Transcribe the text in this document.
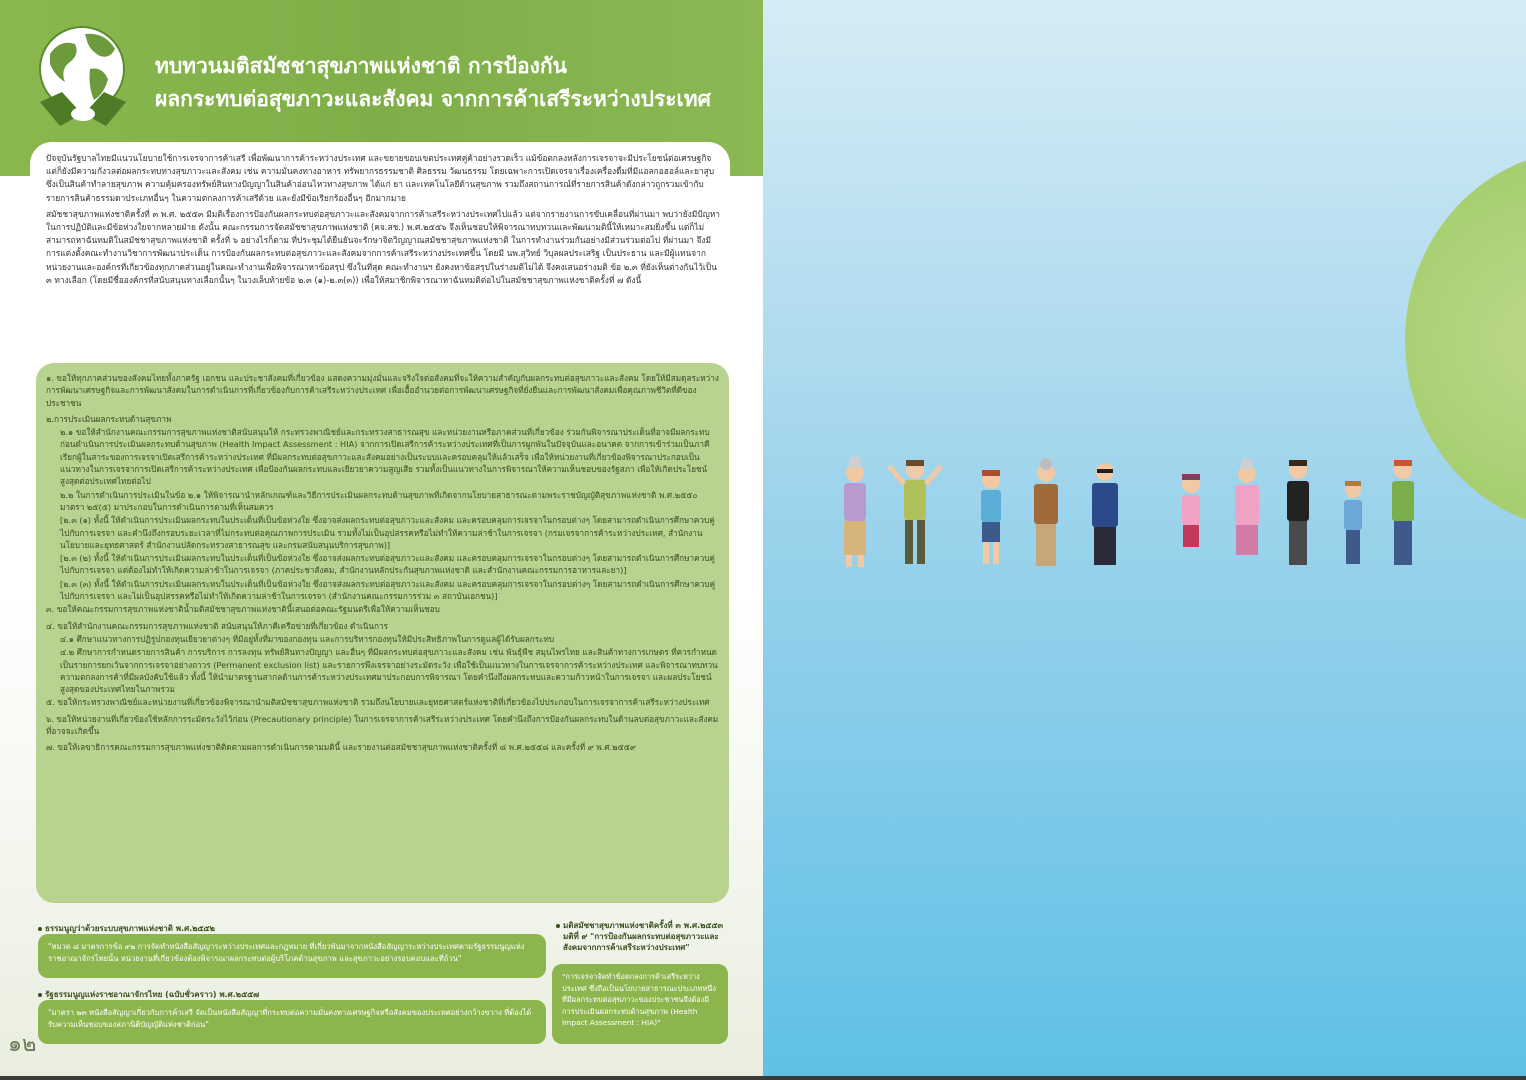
ทบทวนมติสมัชชาสุขภาพแห่งชาติ การป้องกัน
ผลกระทบต่อสุขภาวะและสังคม จากการค้าเสรีระหว่างประเทศ

ปัจจุบันรัฐบาลไทยมีแนวนโยบายใช้การเจรจาการค้าเสรี เพื่อพัฒนาการค้าระหว่างประเทศ และขยายขอบเขตประเทศคู่ค้าอย่างรวดเร็ว แม้ข้อตกลงหลังการเจรจาจะมีประโยชน์ต่อเศรษฐกิจ แต่ก็ยังมีความกังวลต่อผลกระทบทางสุขภาวะและสังคม เช่น ความมั่นคงทางอาหาร ทรัพยากรธรรมชาติ ศิลธรรม วัฒนธรรม โดยเฉพาะการเปิดเจรจาเรื่องเครื่องดื่มที่มีแอลกอฮอล์และยาสูบ ซึ่งเป็นสินค้าทำลายสุขภาพ ความคุ้มครองทรัพย์สินทางปัญญาในสินค้าอ่อนไหวทางสุขภาพ ได้แก่ ยา และเทคโนโลยีด้านสุขภาพ รวมถึงสถานการณ์ที่รายการสินค้าดังกล่าวถูกรวมเข้ากับรายการสินค้าธรรมดาประเภทอื่นๆ ในความตกลงการค้าเสรีด้วย และยังมีข้อเรียกร้องอื่นๆ อีกมากมาย

สมัชชาสุขภาพแห่งชาติครั้งที่ ๓ พ.ศ. ๒๕๕๓ มีมติเรื่องการป้องกันผลกระทบต่อสุขภาวะและสังคมจากการค้าเสรีระหว่างประเทศไปแล้ว แต่จากรายงานการขับเคลื่อนที่ผ่านมา พบว่ายังมีปัญหาในการปฏิบัติและมีข้อห่วงใยจากหลายฝ่าย ดังนั้น คณะกรรมการจัดสมัชชาสุขภาพแห่งชาติ (คจ.สช.) พ.ศ.๒๕๕๖ จึงเห็นชอบให้พิจารณาทบทวนและพัฒนามตินี้ให้เหมาะสมยิ่งขึ้น แต่ก็ไม่สามารถหาฉันทมติในสมัชชาสุขภาพแห่งชาติ ครั้งที่ ๖ อย่างไรก็ตาม ที่ประชุมได้ยืนยันจะรักษาจิตวิญญาณสมัชชาสุขภาพแห่งชาติ ในการทำงานร่วมกันอย่างมีส่วนร่วมต่อไป ที่ผ่านมา จึงมีการแต่งตั้งคณะทำงานวิชาการพัฒนาประเด็น การป้องกันผลกระทบต่อสุขภาวะและสังคมจากการค้าเสรีระหว่างประเทศขึ้น โดยมี นพ.สุวิทย์ วิบุลผลประเสริฐ เป็นประธาน และมีผู้แทนจากหน่วยงานและองค์กรที่เกี่ยวข้องทุกภาคส่วนอยู่ในคณะทำงานเพื่อพิจารณาหาข้อสรุป ซึ่งในที่สุด คณะทำงานฯ ยังคงหาข้อสรุปในร่างมติไม่ได้ จึงคงเสนอร่างมติ ข้อ ๒.๓ ที่ยังเห็นต่างกันไว้เป็น ๓ ทางเลือก (โดยมีชื่อองค์กรที่สนับสนุนทางเลือกนั้นๆ ในวงเล็บท้ายข้อ ๒.๓ (๑)-๒.๓(๓)) เพื่อให้สมาชิกพิจารณาหาฉันทมติต่อไปในสมัชชาสุขภาพแห่งชาติครั้งที่ ๗ ดังนี้

๑. ขอให้ทุกภาคส่วนของสังคมไทยทั้งภาครัฐ เอกชน และประชาสังคมที่เกี่ยวข้อง แสดงความมุ่งมั่นและจริงใจต่อสังคมที่จะให้ความสำคัญกับผลกระทบต่อสุขภาวะและสังคม โดยให้มีสมดุลระหว่างการพัฒนาเศรษฐกิจและการพัฒนาสังคมในการดำเนินการที่เกี่ยวข้องกับการค้าเสรีระหว่างประเทศ เพื่อเอื้ออำนวยต่อการพัฒนาเศรษฐกิจที่ยั่งยืนและการพัฒนาสังคมเพื่อคุณภาพชีวิตที่ดีของประชาชน

๒.การประเมินผลกระทบด้านสุขภาพ

๒.๑ ขอให้สำนักงานคณะกรรมการสุขภาพแห่งชาติสนับสนุนให้ กระทรวงพาณิชย์และกระทรวงสาธารณสุข และหน่วยงานหรือภาคส่วนที่เกี่ยวข้อง ร่วมกันพิจารณาประเด็นที่อาจมีผลกระทบก่อนดำเนินการประเมินผลกระทบด้านสุขภาพ (Health Impact Assessment : HIA) จากการเปิดเสรีการค้าระหว่างประเทศที่เป็นการผูกพันในปัจจุบันและอนาคต จากการเข้าร่วมเป็นภาคีเรียกผู้ในสาระของการเจรจาเปิดเสรีการค้าระหว่างประเทศ ที่มีผลกระทบต่อสุขภาวะและสังคมอย่างเป็นระบบและครอบคลุมให้แล้วเสร็จ เพื่อให้หน่วยงานที่เกี่ยวข้องพิจารณาประกอบเป็นแนวทางในการเจรจาการเปิดเสรีการค้าระหว่างประเทศ เพื่อป้องกันผลกระทบและเยียวยาความสูญเสีย รวมทั้งเป็นแนวทางในการพิจารณาให้ความเห็นชอบของรัฐสภา เพื่อให้เกิดประโยชน์สูงสุดต่อประเทศไทยต่อไป

๒.๒ ในการดำเนินการประเมินในข้อ ๒.๑ ให้พิจารณานำหลักเกณฑ์และวิธีการประเมินผลกระทบด้านสุขภาพที่เกิดจากนโยบายสาธารณะตามพระราชบัญญัติสุขภาพแห่งชาติ พ.ศ.๒๕๕๐ มาตรา ๒๕(๕) มาประกอบในการดำเนินการตามที่เห็นสมควร

[๒.๓ (๑) ทั้งนี้ ให้ดำเนินการประเมินผลกระทบในประเด็นที่เป็นข้อห่วงใย ซึ่งอาจส่งผลกระทบต่อสุขภาวะและสังคม และครอบคลุมการเจรจาในกรอบต่างๆ โดยสามารถดำเนินการศึกษาควบคู่ไปกับการเจรจา และคำนึงถึงกรอบระยะเวลาที่ไม่กระทบต่อคุณภาพการประเมิน รวมทั้งไม่เป็นอุปสรรคหรือไม่ทำให้ความล่าช้าในการเจรจา (กรมเจรจาการค้าระหว่างประเทศ, สำนักงานนโยบายและยุทธศาสตร์ สำนักงานปลัดกระทรวงสาธารณสุข และกรมสนับสนุนบริการสุขภาพ)]

[๒.๓ (๒) ทั้งนี้ ให้ดำเนินการประเมินผลกระทบในประเด็นที่เป็นข้อห่วงใย ซึ่งอาจส่งผลกระทบต่อสุขภาวะและสังคม และครอบคลุมการเจรจาในกรอบต่างๆ โดยสามารถดำเนินการศึกษาควบคู่ไปกับการเจรจา แต่ต้องไม่ทำให้เกิดความล่าช้าในการเจรจา (ภาคประชาสังคม, สำนักงานหลักประกันสุขภาพแห่งชาติ และสำนักงานคณะกรรมการอาหารและยา)]

[๒.๓ (๓) ทั้งนี้ ให้ดำเนินการประเมินผลกระทบในประเด็นที่เป็นข้อห่วงใย ซึ่งอาจส่งผลกระทบต่อสุขภาวะและสังคม และครอบคลุมการเจรจาในกรอบต่างๆ โดยสามารถดำเนินการศึกษาควบคู่ไปกับการเจรจา และไม่เป็นอุปสรรคหรือไม่ทำให้เกิดความล่าช้าในการเจรจา (สำนักงานคณะกรรมการร่วม ๓ สถาบันเอกชน)]

๓. ขอให้คณะกรรมการสุขภาพแห่งชาติน้ำมติสมัชชาสุขภาพแห่งชาตินี้เสนอต่อคณะรัฐมนตรีเพื่อให้ความเห็นชอบ

๔. ขอให้สำนักงานคณะกรรมการสุขภาพแห่งชาติ สนับสนุนให้ภาคีเครือข่ายที่เกี่ยวข้อง ดำเนินการ

๔.๑ ศึกษาแนวทางการปฏิรูปกองทุนเยียวยาต่างๆ ที่มีอยู่ทั้งที่มาของกองทุน และการบริหารกองทุนให้มีประสิทธิภาพในการดูแลผู้ได้รับผลกระทบ

๔.๒ ศึกษาการกำหนดรายการสินค้า การบริการ การลงทุน ทรัพย์สินทางปัญญา และอื่นๆ ที่มีผลกระทบต่อสุขภาวะและสังคม เช่น พันธุ์พืช สมุนไพรไทย และสินค้าทางการเกษตร ที่ควรกำหนดเป็นรายการยกเว้นจากการเจรจาอย่างถาวร (Permanent exclusion list) และรายการพึงเจรจาอย่างระมัดระวัง เพื่อใช้เป็นแนวทางในการเจรจาการค้าระหว่างประเทศ และพิจารณาทบทวนความตกลงการค้าที่มีผลบังคับใช้แล้ว ทั้งนี้ ให้นำมาตรฐานสากลด้านการค้าระหว่างประเทศมาประกอบการพิจารณา โดยคำนึงถึงผลกระทบและความก้าวหน้าในการเจรจา และผลประโยชน์สูงสุดของประเทศไทยในภาพรวม

๕. ขอให้กระทรวงพาณิชย์และหน่วยงานที่เกี่ยวข้องพิจารณานำมติสมัชชาสุขภาพแห่งชาติ รวมถึงนโยบายและยุทธศาสตร์แห่งชาติที่เกี่ยวข้องไปประกอบในการเจรจาการค้าเสรีระหว่างประเทศ

๖. ขอให้หน่วยงานที่เกี่ยวข้องใช้หลักการระมัดระวังไว้ก่อน (Precautionary principle) ในการเจรจาการค้าเสรีระหว่างประเทศ โดยคำนึงถึงการป้องกันผลกระทบในด้านลบต่อสุขภาวะและสังคมที่อาจจะเกิดขึ้น

๗. ขอให้เลขาธิการคณะกรรมการสุขภาพแห่งชาติติดตามผลการดำเนินการตามมตินี้ และรายงานต่อสมัชชาสุขภาพแห่งชาติครั้งที่ ๘ พ.ศ.๒๕๕๘ และครั้งที่ ๙ พ.ศ.๒๕๕๙

ธรรมนูญว่าด้วยระบบสุขภาพแห่งชาติ พ.ศ.๒๕๕๒
"หมวด ๘ มาตรการข้อ ๙๒ การจัดทำหนังสือสัญญาระหว่างประเทศและกฎหมาย ที่เกี่ยวพันมาจากหนังสือสัญญาระหว่างประเทศตามรัฐธรรมนูญแห่งราชอาณาจักรไทยนั้น หน่วยงานที่เกี่ยวข้องต้องพิจารณาผลกระทบต่อผู้บริโภคด้านสุขภาพ และสุขภาวะอย่างรอบคอบและที่ถ้วน"
รัฐธรรมนูญแห่งราชอาณาจักรไทย (ฉบับชั่วคราว) พ.ศ.๒๕๕๗
"มาตรา ๒๓ หนังสือสัญญาเกี่ยวกับการค้าเสรี จัดเป็นหนังสือสัญญาที่กระทบต่อความมั่นคงทางเศรษฐกิจหรือสังคมของประเทศอย่างกว้างขวาง ที่ต้องได้รับความเห็นชอบของสภานิติบัญญัติแห่งชาติก่อน"
มติสมัชชาสุขภาพแห่งชาติครั้งที่ ๓ พ.ศ.๒๕๕๓
มติที่ ๙ "การป้องกันผลกระทบต่อสุขภาวะและสังคมจากการค้าเสรีระหว่างประเทศ"
"การเจรจาจัดทำข้อตกลงการค้าเสรีระหว่างประเทศ ซึ่งถือเป็นนโยบายสาธารณะประเภทหนึ่ง ที่มีผลกระทบต่อสุขภาวะของประชาชนจึงต้องมีการประเมินผลกระทบด้านสุขภาพ (Health Impact Assessment : HIA)"
๑๒
